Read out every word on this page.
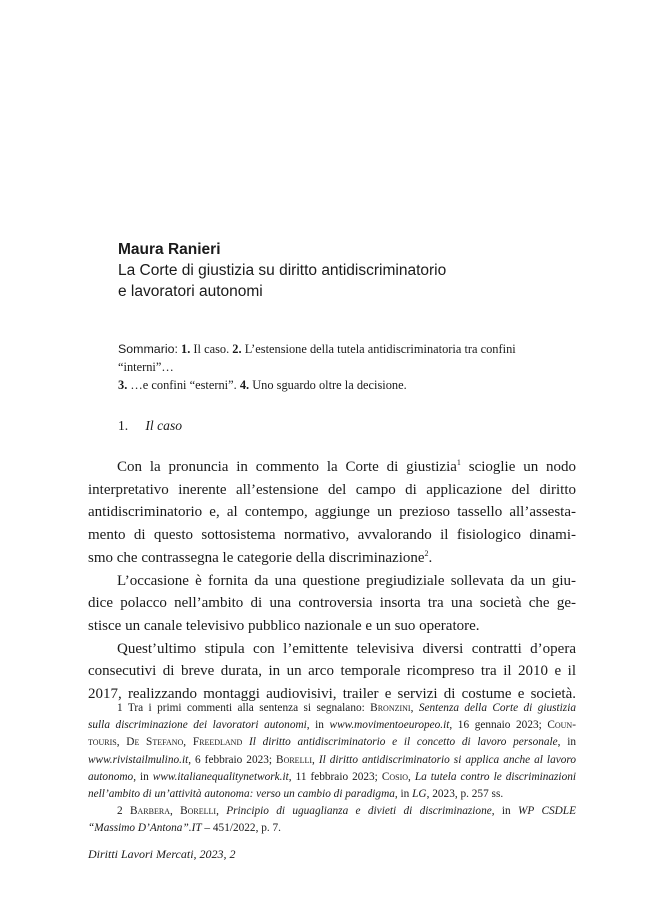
Maura Ranieri
La Corte di giustizia su diritto antidiscriminatorio
e lavoratori autonomi
Sommario: 1. Il caso. 2. L’estensione della tutela antidiscriminatoria tra confini “interni”…
3. …e confini “esterni”. 4. Uno sguardo oltre la decisione.
1. Il caso
Con la pronuncia in commento la Corte di giustizia$^1$ scioglie un nodo
interpretativo inerente all’estensione del campo di applicazione del diritto
antidiscriminatorio e, al contempo, aggiunge un prezioso tassello all’assesta-
mento di questo sottosistema normativo, avvalorando il fisiologico dinami-
smo che contrassegna le categorie della discriminazione$^2$.
L’occasione è fornita da una questione pregiudiziale sollevata da un giu-
dice polacco nell’ambito di una controversia insorta tra una società che ge-
stisce un canale televisivo pubblico nazionale e un suo operatore.
Quest’ultimo stipula con l’emittente televisiva diversi contratti d’opera
consecutivi di breve durata, in un arco temporale ricompreso tra il 2010 e il
2017, realizzando montaggi audiovisivi, trailer e servizi di costume e società.
1 Tra i primi commenti alla sentenza si segnalano: Bronzini, Sentenza della Corte di giustizia
sulla discriminazione dei lavoratori autonomi, in www.movimentoeuropeo.it, 16 gennaio 2023; Coun-
touris, De Stefano, Freedland Il diritto antidiscriminatorio e il concetto di lavoro personale, in
www.rivistailmulino.it, 6 febbraio 2023; Borelli, Il diritto antidiscriminatorio si applica anche al lavoro
autonomo, in www.italianequalitynetwork.it, 11 febbraio 2023; Cosio, La tutela contro le discriminazioni
nell’ambito di un’attività autonoma: verso un cambio di paradigma, in LG, 2023, p. 257 ss.
2 Barbera, Borelli, Principio di uguaglianza e divieti di discriminazione, in WP CSDLE
“Massimo D’Antona”.IT – 451/2022, p. 7.
Diritti Lavori Mercati, 2023, 2
